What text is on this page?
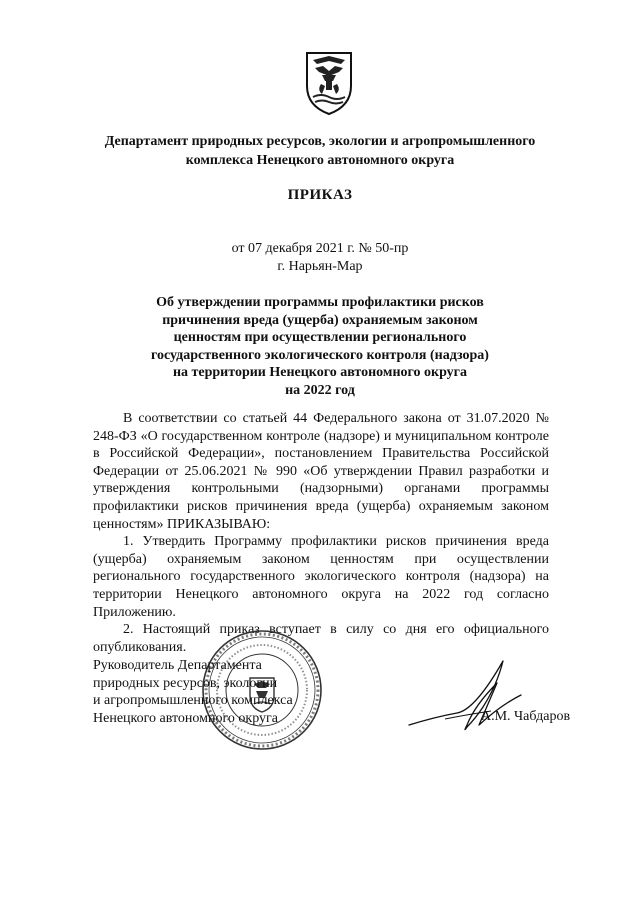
Департамент природных ресурсов, экологии и агропромышленного
комплекса Ненецкого автономного округа
ПРИКАЗ
от 07 декабря 2021 г. № 50-пр
г. Нарьян-Мар
Об утверждении программы профилактики рисков
причинения вреда (ущерба) охраняемым законом
ценностям при осуществлении регионального
государственного экологического контроля (надзора)
на территории Ненецкого автономного округа
на 2022 год

В соответствии со статьей 44 Федерального закона от 31.07.2020 № 248-ФЗ «О государственном контроле (надзоре) и муниципальном контроле в Российской Федерации», постановлением Правительства Российской Федерации от 25.06.2021 № 990 «Об утверждении Правил разработки и утверждения контрольными (надзорными) органами программы профилактики рисков причинения вреда (ущерба) охраняемым законом ценностям» ПРИКАЗЫВАЮ:

1. Утвердить Программу профилактики рисков причинения вреда (ущерба) охраняемым законом ценностям при осуществлении регионального государственного экологического контроля (надзора) на территории Ненецкого автономного округа на 2022 год согласно Приложению.

2. Настоящий приказ вступает в силу со дня его официального опубликования.

Руководитель Департамента
природных ресурсов, экологии
и агропромышленного комплекса
Ненецкого автономного округа	А.М. Чабдаров
